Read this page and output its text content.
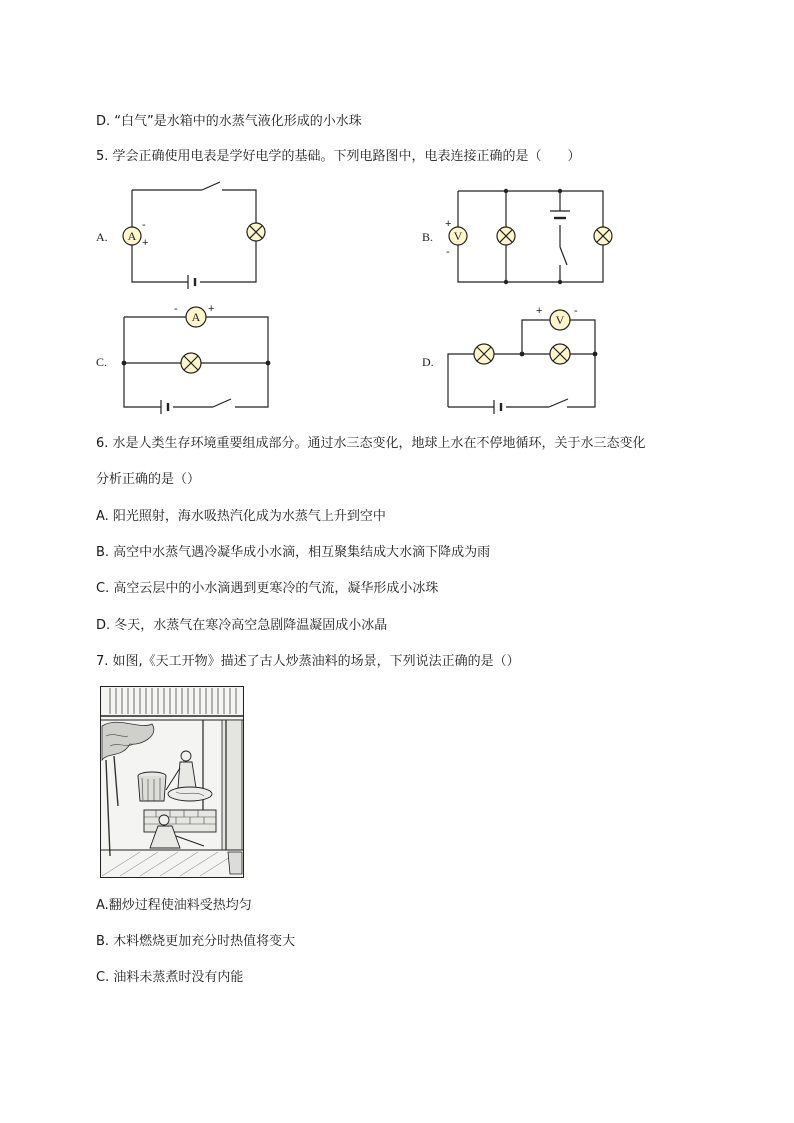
D. “白气”是水箱中的水蒸气液化形成的小水珠
5. 学会正确使用电表是学好电学的基础。下列电路图中，电表连接正确的是（　　）
A. A
-
+	B. V
+
-
C.
A
-	+
D.
V
+	-
6. 水是人类生存环境重要组成部分。通过水三态变化，地球上水在不停地循环，关于水三态变化
分析正确的是（）
A. 阳光照射，海水吸热汽化成为水蒸气上升到空中
B. 高空中水蒸气遇冷凝华成小水滴，相互聚集结成大水滴下降成为雨
C. 高空云层中的小水滴遇到更寒冷的气流，凝华形成小冰珠
D. 冬天，水蒸气在寒冷高空急剧降温凝固成小冰晶
7. 如图,《天工开物》描述了古人炒蒸油料的场景，下列说法正确的是（）
A.翻炒过程使油料受热均匀
B. 木料燃烧更加充分时热值将变大
C. 油料未蒸煮时没有内能
